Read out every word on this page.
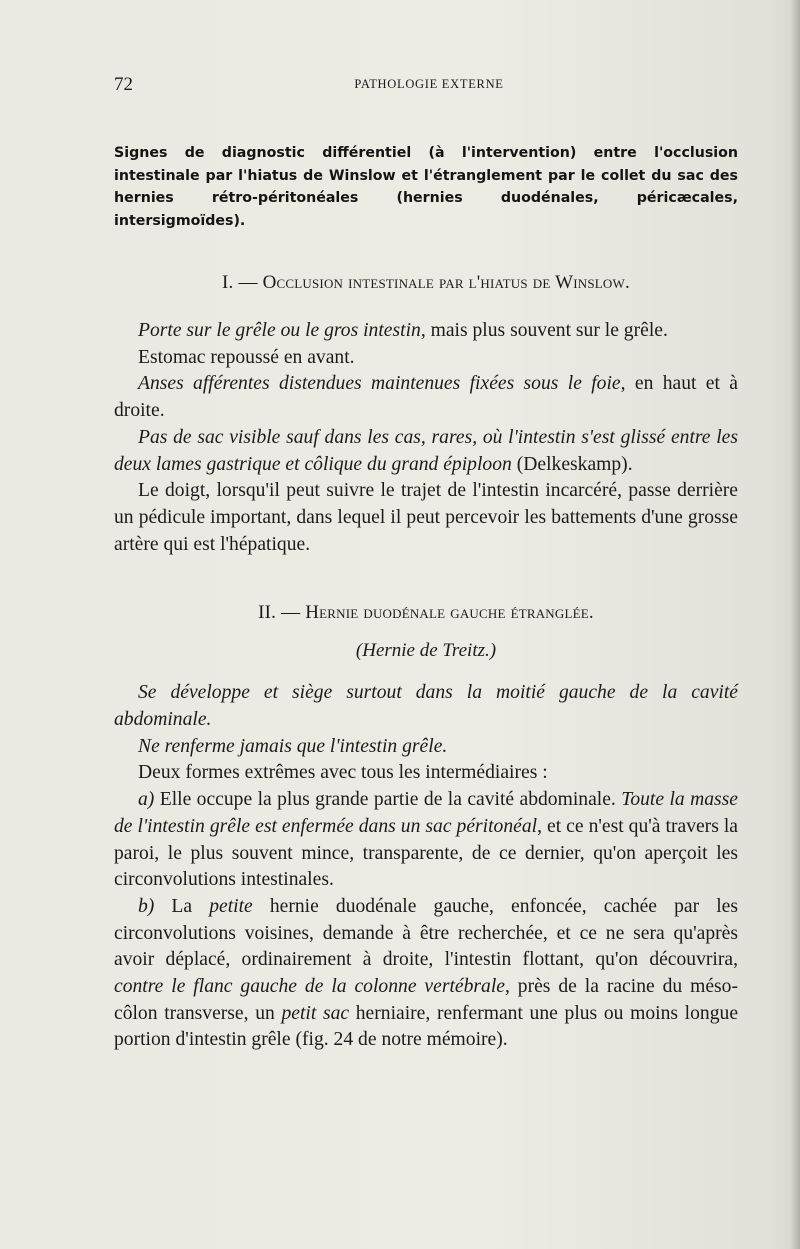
72	PATHOLOGIE EXTERNE

Signes de diagnostic différentiel (à l'intervention) entre l'occlusion intestinale par l'hiatus de Winslow et l'étranglement par le collet du sac des hernies rétro-péritonéales (hernies duodénales, péricæcales, intersigmoïdes).

I. — Occlusion intestinale par l'hiatus de Winslow.

Porte sur le grêle ou le gros intestin, mais plus souvent sur le grêle.

Estomac repoussé en avant.

Anses afférentes distendues maintenues fixées sous le foie, en haut et à droite.

Pas de sac visible sauf dans les cas, rares, où l'intestin s'est glissé entre les deux lames gastrique et côlique du grand épiploon (Delkeskamp).

Le doigt, lorsqu'il peut suivre le trajet de l'intestin incarcéré, passe derrière un pédicule important, dans lequel il peut percevoir les battements d'une grosse artère qui est l'hépatique.

II. — Hernie duodénale gauche étranglée.

(Hernie de Treitz.)

Se développe et siège surtout dans la moitié gauche de la cavité abdominale.

Ne renferme jamais que l'intestin grêle.

Deux formes extrêmes avec tous les intermédiaires :

a) Elle occupe la plus grande partie de la cavité abdominale. Toute la masse de l'intestin grêle est enfermée dans un sac péritonéal, et ce n'est qu'à travers la paroi, le plus souvent mince, transparente, de ce dernier, qu'on aperçoit les circonvolutions intestinales.

b) La petite hernie duodénale gauche, enfoncée, cachée par les circonvolutions voisines, demande à être recherchée, et ce ne sera qu'après avoir déplacé, ordinairement à droite, l'intestin flottant, qu'on découvrira, contre le flanc gauche de la colonne vertébrale, près de la racine du méso-côlon transverse, un petit sac herniaire, renfermant une plus ou moins longue portion d'intestin grêle (fig. 24 de notre mémoire).
